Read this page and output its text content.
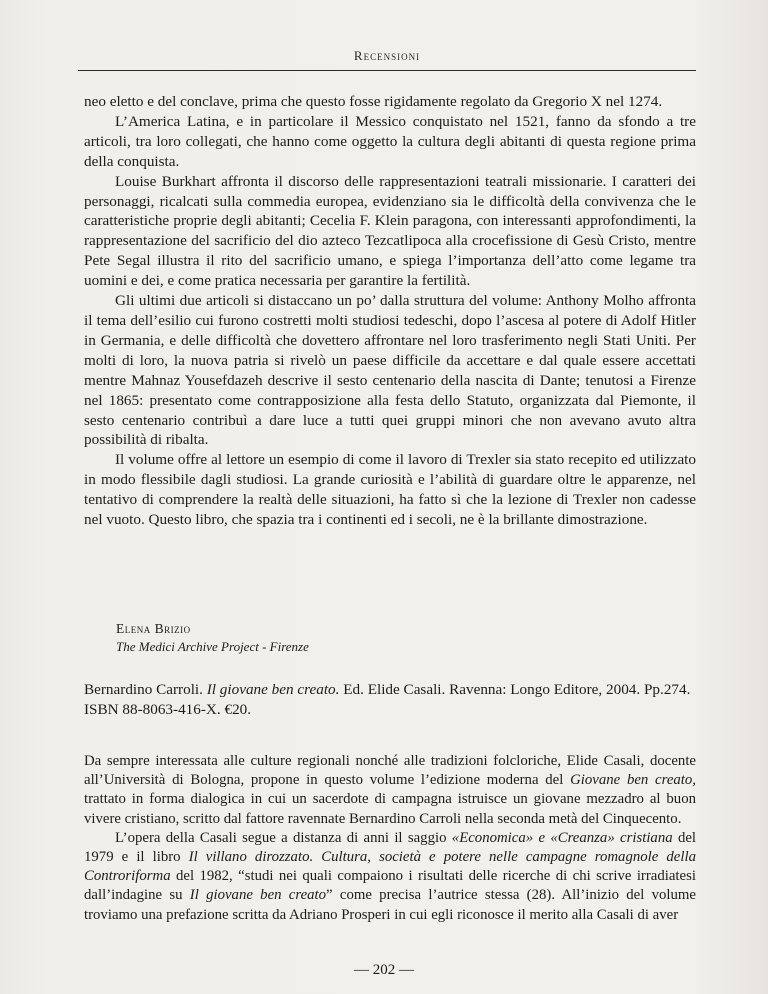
Recensioni

neo eletto e del conclave, prima che questo fosse rigidamente regolato da Gregorio X nel 1274.

L’America Latina, e in particolare il Messico conquistato nel 1521, fanno da sfondo a tre articoli, tra loro collegati, che hanno come oggetto la cultura degli abitanti di questa regione prima della conquista.

Louise Burkhart affronta il discorso delle rappresentazioni teatrali missionarie. I caratteri dei personaggi, ricalcati sulla commedia europea, evidenziano sia le difficoltà della convivenza che le caratteristiche proprie degli abitanti; Cecelia F. Klein paragona, con interessanti approfondimenti, la rappresentazione del sacrificio del dio azteco Tezcatlipoca alla crocefissione di Gesù Cristo, mentre Pete Segal illustra il rito del sacrificio umano, e spiega l’importanza dell’atto come legame tra uomini e dei, e come pratica necessaria per garantire la fertilità.

Gli ultimi due articoli si distaccano un po’ dalla struttura del volume: Anthony Molho affronta il tema dell’esilio cui furono costretti molti studiosi tedeschi, dopo l’ascesa al potere di Adolf Hitler in Germania, e delle difficoltà che dovettero affrontare nel loro trasferimento negli Stati Uniti. Per molti di loro, la nuova patria si rivelò un paese difficile da accettare e dal quale essere accettati mentre Mahnaz Yousefdazeh descrive il sesto centenario della nascita di Dante; tenutosi a Firenze nel 1865: presentato come contrapposizione alla festa dello Statuto, organizzata dal Piemonte, il sesto centenario contribuì a dare luce a tutti quei gruppi minori che non avevano avuto altra possibilità di ribalta.

Il volume offre al lettore un esempio di come il lavoro di Trexler sia stato recepito ed utilizzato in modo flessibile dagli studiosi. La grande curiosità e l’abilità di guardare oltre le apparenze, nel tentativo di comprendere la realtà delle situazioni, ha fatto sì che la lezione di Trexler non cadesse nel vuoto. Questo libro, che spazia tra i continenti ed i secoli, ne è la brillante dimostrazione.

Elena Brizio
The Medici Archive Project - Firenze
Bernardino Carroli. Il giovane ben creato. Ed. Elide Casali. Ravenna: Longo Editore, 2004. Pp.274. ISBN 88-8063-416-X. €20.

Da sempre interessata alle culture regionali nonché alle tradizioni folcloriche, Elide Casali, docente all’Università di Bologna, propone in questo volume l’edizione moderna del Giovane ben creato, trattato in forma dialogica in cui un sacerdote di campagna istruisce un giovane mezzadro al buon vivere cristiano, scritto dal fattore ravennate Bernardino Carroli nella seconda metà del Cinquecento.

L’opera della Casali segue a distanza di anni il saggio «Economica» e «Creanza» cristiana del 1979 e il libro Il villano dirozzato. Cultura, società e potere nelle campagne romagnole della Controriforma del 1982, “studi nei quali compaiono i risultati delle ricerche di chi scrive irradiatesi dall’indagine su Il giovane ben creato” come precisa l’autrice stessa (28). All’inizio del volume troviamo una prefazione scritta da Adriano Prosperi in cui egli riconosce il merito alla Casali di aver

— 202 —
